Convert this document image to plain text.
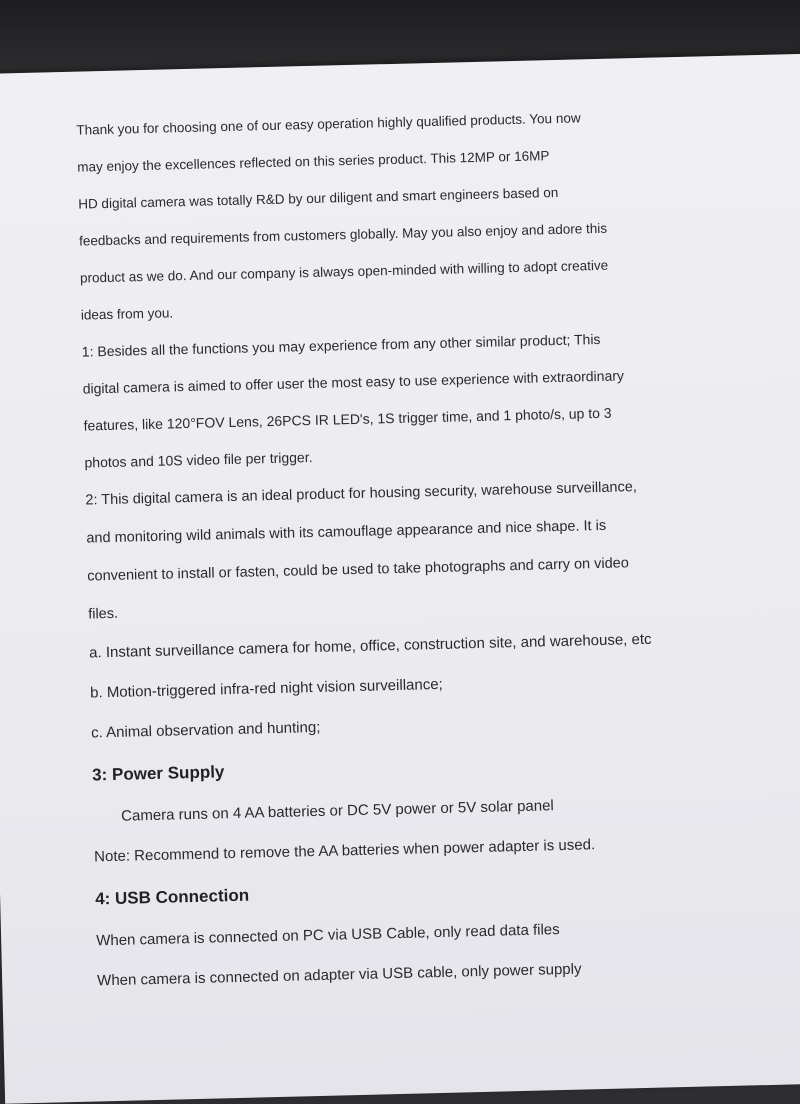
Thank you for choosing one of our easy operation highly qualified products. You now
may enjoy the excellences reflected on this series product. This 12MP or 16MP
HD digital camera was totally R&D by our diligent and smart engineers based on
feedbacks and requirements from customers globally. May you also enjoy and adore this
product as we do. And our company is always open-minded with willing to adopt creative
ideas from you.

1: Besides all the functions you may experience from any other similar product; This
digital camera is aimed to offer user the most easy to use experience with extraordinary
features, like 120°FOV Lens, 26PCS IR LED's, 1S trigger time, and 1 photo/s, up to 3
photos and 10S video file per trigger.

2: This digital camera is an ideal product for housing security, warehouse surveillance,
and monitoring wild animals with its camouflage appearance and nice shape. It is
convenient to install or fasten, could be used to take photographs and carry on video
files.

a. Instant surveillance camera for home, office, construction site, and warehouse, etc

b. Motion-triggered infra-red night vision surveillance;

c. Animal observation and hunting;

3: Power Supply

Camera runs on 4 AA batteries or DC 5V power or 5V solar panel

Note: Recommend to remove the AA batteries when power adapter is used.

4: USB Connection

When camera is connected on PC via USB Cable, only read data files

When camera is connected on adapter via USB cable, only power supply
